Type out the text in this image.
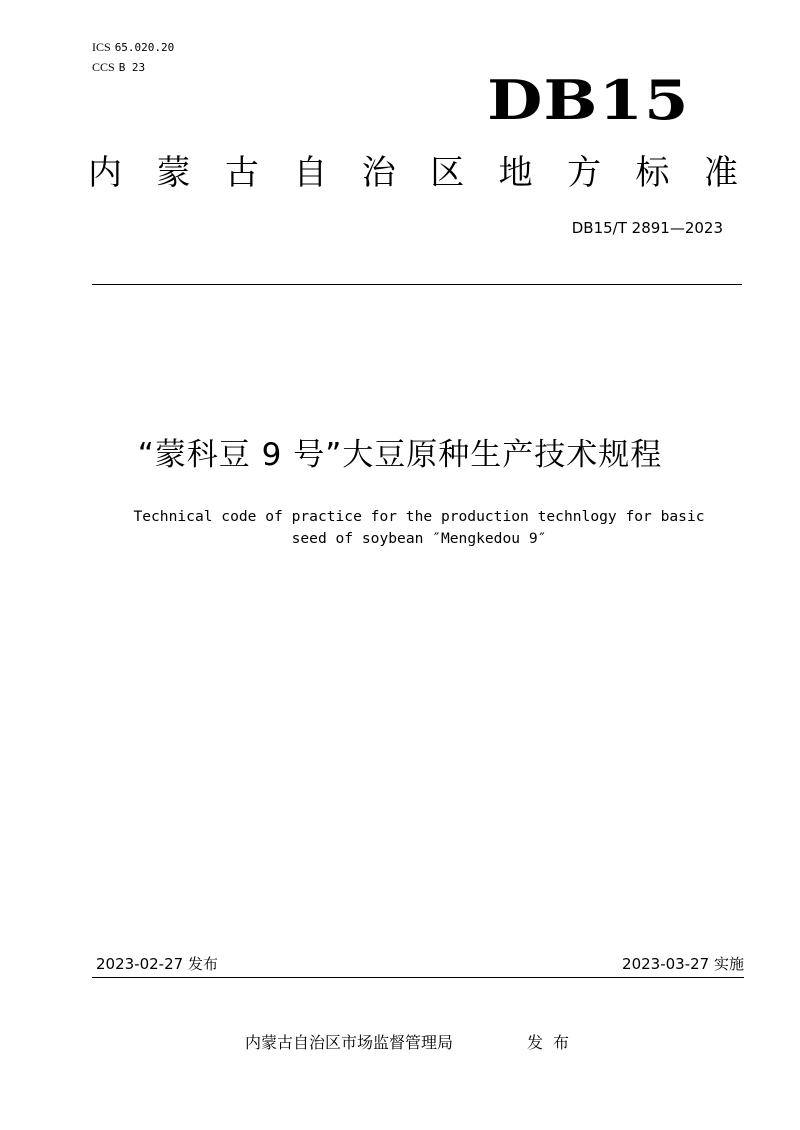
ICS 65.020.20
CCS B 23
DB15
内 蒙 古 自 治 区 地 方 标 准
DB15/T 2891—2023
“蒙科豆 9 号”大豆原种生产技术规程
Technical code of practice for the production technlogy for basic
seed of soybean ″Mengkedou 9″
2023-02-27 发布	2023-03-27 实施
内蒙古自治区市场监督管理局	发布
